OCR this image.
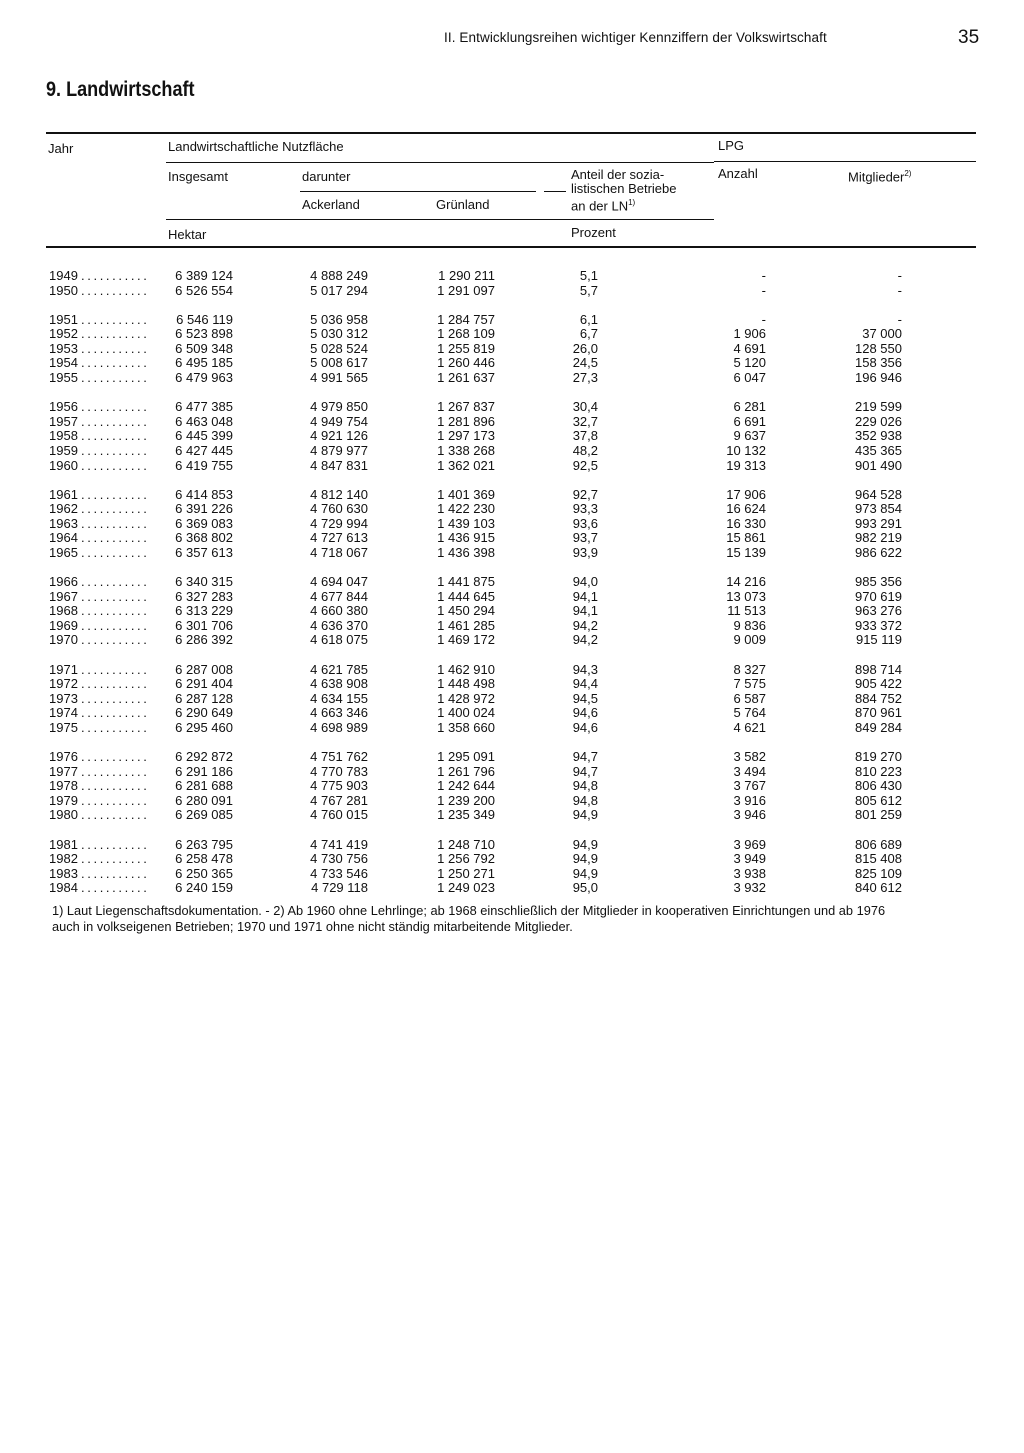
II. Entwicklungsreihen wichtiger Kennziffern der Volkswirtschaft	35
9. Landwirtschaft
Jahr	Landwirtschaftliche Nutzfläche	LPG
Insgesamt	darunter
Ackerland	Grünland
Anteil der sozia-
listischen Betriebe
an der LN$^{1)}$
Anzahl	Mitglieder$^{2)}$
Hektar	Prozent
1949 . . .	6 389 124	4 888 249	1 290 211	5,1	-	-
1950 . . .	6 526 554	5 017 294	1 291 097	5,7	-	-
1951 . . .	6 546 119	5 036 958	1 284 757	6,1	-	-
1952 . . .	6 523 898	5 030 312	1 268 109	6,7	1 906	37 000
1953 . . .	6 509 348	5 028 524	1 255 819	26,0	4 691	128 550
1954 . . .	6 495 185	5 008 617	1 260 446	24,5	5 120	158 356
1955 . . .	6 479 963	4 991 565	1 261 637	27,3	6 047	196 946
1956 . . .	6 477 385	4 979 850	1 267 837	30,4	6 281	219 599
1957 . . .	6 463 048	4 949 754	1 281 896	32,7	6 691	229 026
1958 . . .	6 445 399	4 921 126	1 297 173	37,8	9 637	352 938
1959 . . .	6 427 445	4 879 977	1 338 268	48,2	10 132	435 365
1960 . . .	6 419 755	4 847 831	1 362 021	92,5	19 313	901 490
1961 . . .	6 414 853	4 812 140	1 401 369	92,7	17 906	964 528
1962 . . .	6 391 226	4 760 630	1 422 230	93,3	16 624	973 854
1963 . . .	6 369 083	4 729 994	1 439 103	93,6	16 330	993 291
1964 . . .	6 368 802	4 727 613	1 436 915	93,7	15 861	982 219
1965 . . .	6 357 613	4 718 067	1 436 398	93,9	15 139	986 622
1966 . . .	6 340 315	4 694 047	1 441 875	94,0	14 216	985 356
1967 . . .	6 327 283	4 677 844	1 444 645	94,1	13 073	970 619
1968 . . .	6 313 229	4 660 380	1 450 294	94,1	11 513	963 276
1969 . . .	6 301 706	4 636 370	1 461 285	94,2	9 836	933 372
1970 . . .	6 286 392	4 618 075	1 469 172	94,2	9 009	915 119
1971 . . .	6 287 008	4 621 785	1 462 910	94,3	8 327	898 714
1972 . . .	6 291 404	4 638 908	1 448 498	94,4	7 575	905 422
1973 . . .	6 287 128	4 634 155	1 428 972	94,5	6 587	884 752
1974 . . .	6 290 649	4 663 346	1 400 024	94,6	5 764	870 961
1975 . . .	6 295 460	4 698 989	1 358 660	94,6	4 621	849 284
1976 . . .	6 292 872	4 751 762	1 295 091	94,7	3 582	819 270
1977 . . .	6 291 186	4 770 783	1 261 796	94,7	3 494	810 223
1978 . . .	6 281 688	4 775 903	1 242 644	94,8	3 767	806 430
1979 . . .	6 280 091	4 767 281	1 239 200	94,8	3 916	805 612
1980 . . .	6 269 085	4 760 015	1 235 349	94,9	3 946	801 259
1981 . . .	6 263 795	4 741 419	1 248 710	94,9	3 969	806 689
1982 . . .	6 258 478	4 730 756	1 256 792	94,9	3 949	815 408
1983 . . .	6 250 365	4 733 546	1 250 271	94,9	3 938	825 109
1984 . . .	6 240 159	4 729 118	1 249 023	95,0	3 932	840 612
1) Laut Liegenschaftsdokumentation. - 2) Ab 1960 ohne Lehrlinge; ab 1968 einschließlich der Mitglieder in kooperativen Einrichtungen und ab 1976
auch in volkseigenen Betrieben; 1970 und 1971 ohne nicht ständig mitarbeitende Mitglieder.
